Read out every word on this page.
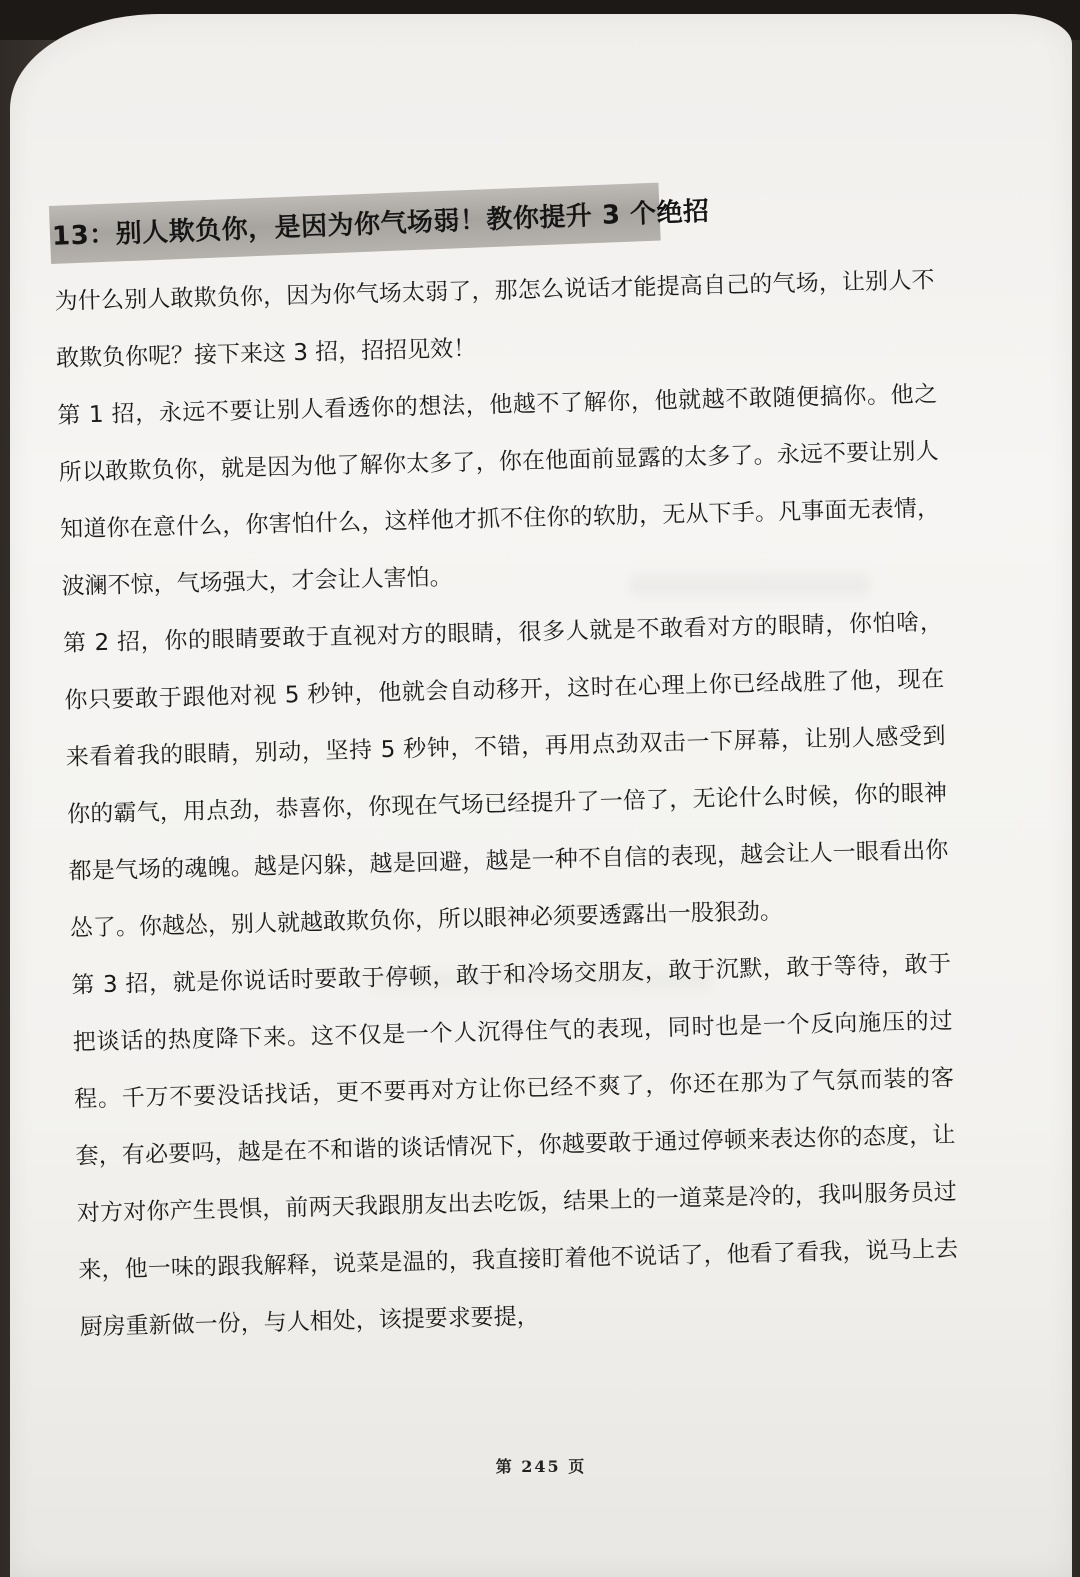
13：别人欺负你，是因为你气场弱！教你提升 3 个绝招

为什么别人敢欺负你，因为你气场太弱了，那怎么说话才能提高自己的气场，让别人不敢欺负你呢？接下来这 3 招，招招见效！

第 1 招，永远不要让别人看透你的想法，他越不了解你，他就越不敢随便搞你。他之所以敢欺负你，就是因为他了解你太多了，你在他面前显露的太多了。永远不要让别人知道你在意什么，你害怕什么，这样他才抓不住你的软肋，无从下手。凡事面无表情，波澜不惊，气场强大，才会让人害怕。

第 2 招，你的眼睛要敢于直视对方的眼睛，很多人就是不敢看对方的眼睛，你怕啥，你只要敢于跟他对视 5 秒钟，他就会自动移开，这时在心理上你已经战胜了他，现在来看着我的眼睛，别动，坚持 5 秒钟，不错，再用点劲双击一下屏幕，让别人感受到你的霸气，用点劲，恭喜你，你现在气场已经提升了一倍了，无论什么时候，你的眼神都是气场的魂魄。越是闪躲，越是回避，越是一种不自信的表现，越会让人一眼看出你怂了。你越怂，别人就越敢欺负你，所以眼神必须要透露出一股狠劲。

第 3 招，就是你说话时要敢于停顿，敢于和冷场交朋友，敢于沉默，敢于等待，敢于把谈话的热度降下来。这不仅是一个人沉得住气的表现，同时也是一个反向施压的过程。千万不要没话找话，更不要再对方让你已经不爽了，你还在那为了气氛而装的客套，有必要吗，越是在不和谐的谈话情况下，你越要敢于通过停顿来表达你的态度，让对方对你产生畏惧，前两天我跟朋友出去吃饭，结果上的一道菜是冷的，我叫服务员过来，他一味的跟我解释，说菜是温的，我直接盯着他不说话了，他看了看我，说马上去厨房重新做一份，与人相处，该提要求要提，

第 245 页
